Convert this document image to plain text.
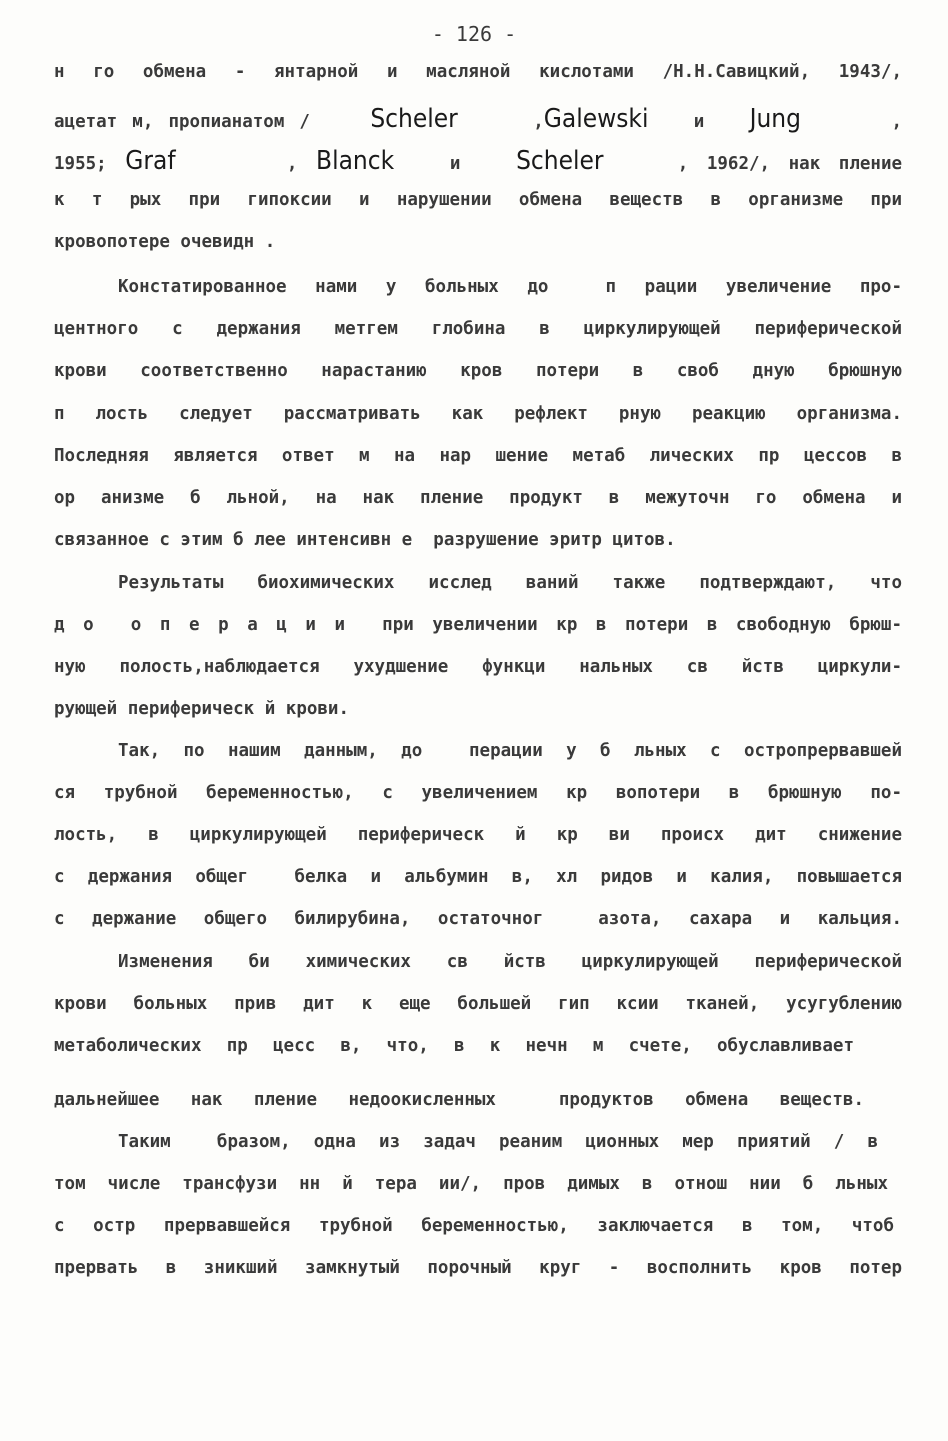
- 126 -
н го обмена - янтарной и масляной кислотами /Н.Н.Савицкий, 1943/,
ацетат м, пропианатом / Scheler	,Galewski	и Jung	,
1955; Graf	, Blanck	и Scheler	, 1962/, нак пление
к т рых при гипоксии и нарушении обмена веществ в организме при
кровопотере очевидн .
Констатированное нами у больных до  п рации увеличение про-
центного с держания метгем глобина в циркулирующей периферической
крови соответственно нарастанию кров потери в своб дную брюшную
п лость следует рассматривать как рефлект рную реакцию организма.
Последняя является ответ м на нар шение метаб лических пр цессов в
ор анизме б льной, на нак пление продукт в межуточн го обмена и
связанное с этим б лее интенсивн е  разрушение эритр цитов.
Результаты биохимических исслед ваний также подтверждают, что
д о  о п е р а ц и и  при увеличении кр в потери в свободную брюш-
ную полость,наблюдается ухудшение функци нальных св йств циркули-
рующей периферическ й крови.
Так, по нашим данным, до  перации у б льных с остропрервавшей
ся трубной беременностью, с увеличением кр вопотери в брюшную по-
лость, в циркулирующей периферическ й кр ви происх дит снижение
с держания общег  белка и альбумин в, хл ридов и калия, повышается
с держание общего билирубина, остаточног  азота, сахара и кальция.
Изменения би химических св йств циркулирующей периферической
крови больных прив дит к еще большей гип ксии тканей, усугублению
метаболических пр цесс в, что, в к нечн м счете, обуславливает
дальнейшее нак пление недоокисленных  продуктов обмена веществ.
Таким  бразом, одна из задач реаним ционных мер приятий / в
том числе трансфузи нн й тера ии/, пров димых в отнош нии б льных
с остр прервавшейся трубной беременностью, заключается в том, чтоб
прервать в зникший замкнутый порочный круг - восполнить кров потер
